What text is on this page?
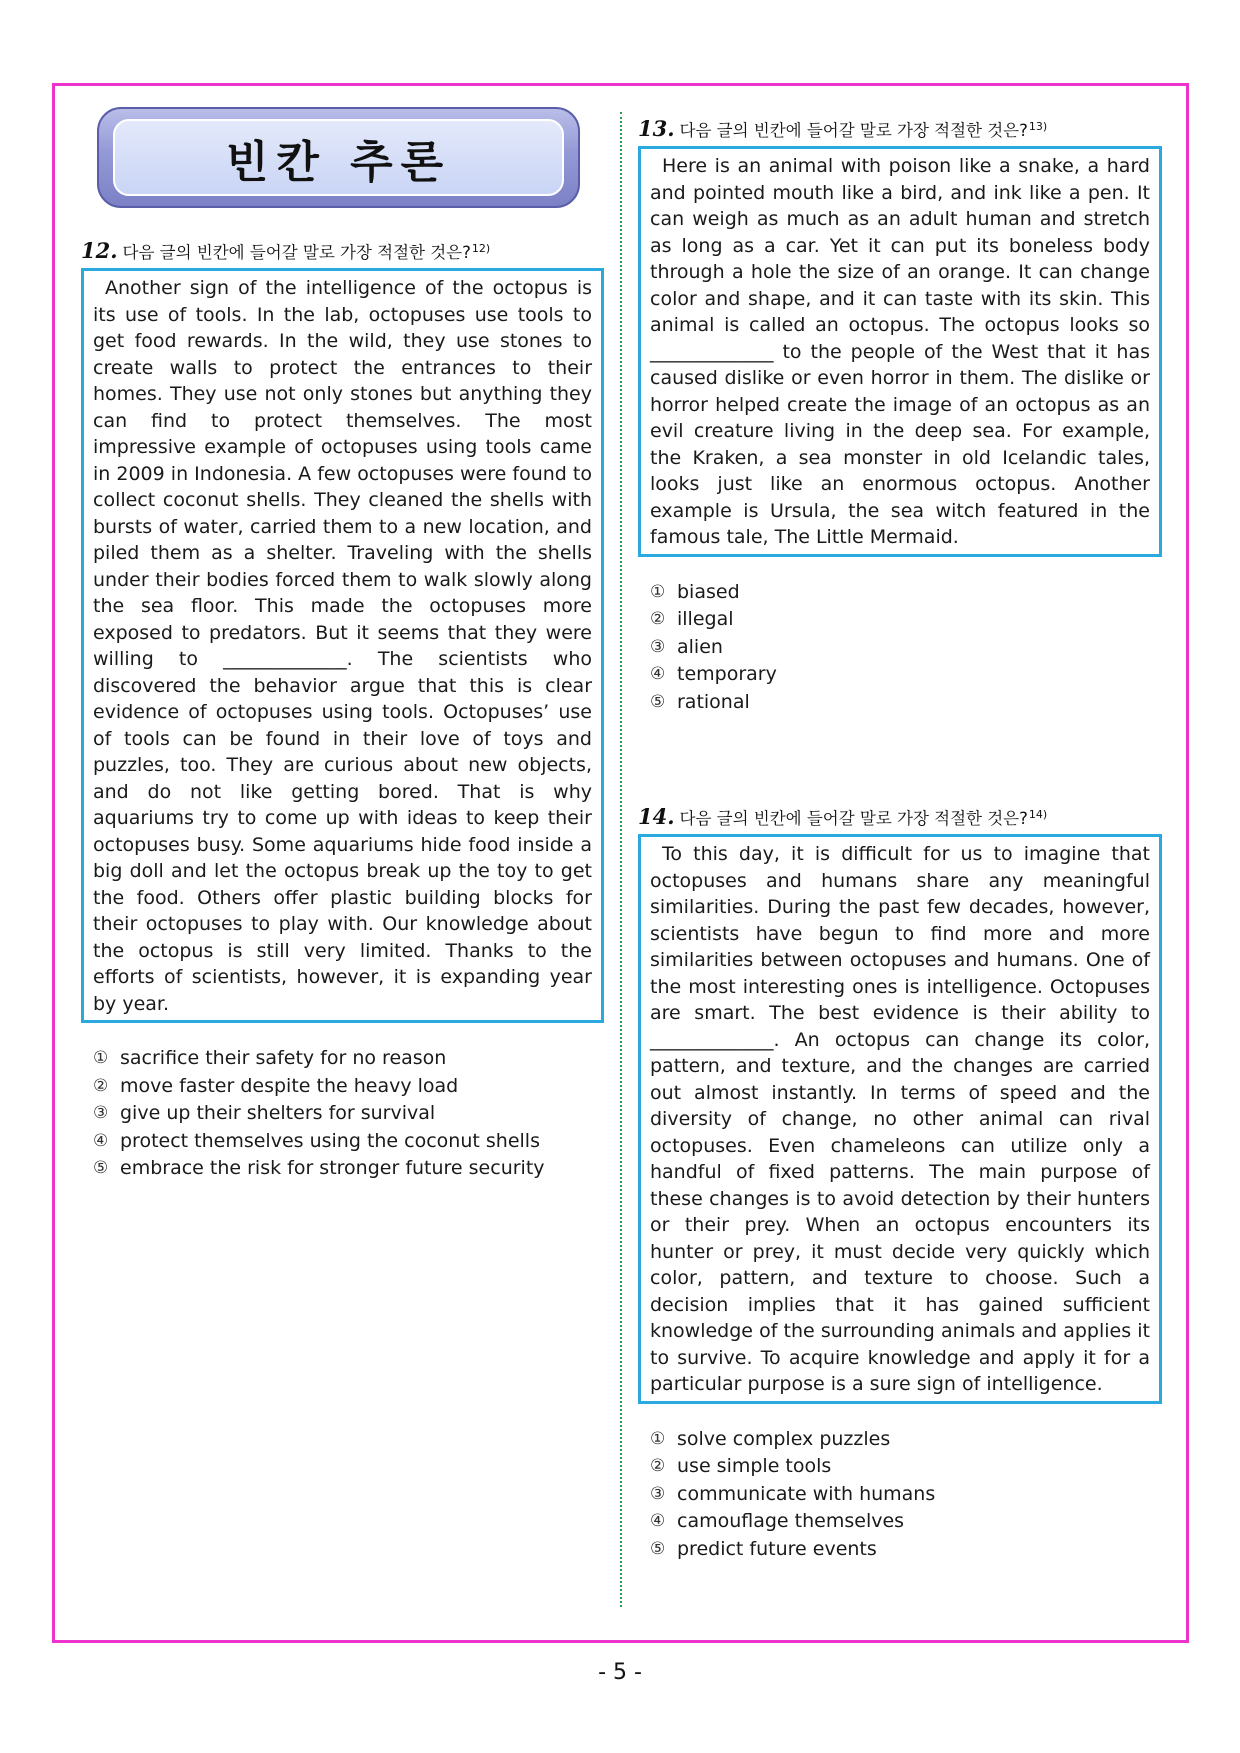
빈칸 추론
12. 다음 글의 빈칸에 들어갈 말로 가장 적절한 것은?$^{12)}$
Another sign of the intelligence of the octopus is its use of tools. In the lab, octopuses use tools to get food rewards. In the wild, they use stones to create walls to protect the entrances to their homes. They use not only stones but anything they can find to protect themselves. The most impressive example of octopuses using tools came in 2009 in Indonesia. A few octopuses were found to collect coconut shells. They cleaned the shells with bursts of water, carried them to a new location, and piled them as a shelter. Traveling with the shells under their bodies forced them to walk slowly along the sea floor. This made the octopuses more exposed to predators. But it seems that they were willing to _____________. The scientists who discovered the behavior argue that this is clear evidence of octopuses using tools. Octopuses’ use of tools can be found in their love of toys and puzzles, too. They are curious about new objects, and do not like getting bored. That is why aquariums try to come up with ideas to keep their octopuses busy. Some aquariums hide food inside a big doll and let the octopus break up the toy to get the food. Others offer plastic building blocks for their octopuses to play with. Our knowledge about the octopus is still very limited. Thanks to the efforts of scientists, however, it is expanding year by year.
① sacrifice their safety for no reason
② move faster despite the heavy load
③ give up their shelters for survival
④ protect themselves using the coconut shells
⑤ embrace the risk for stronger future security
13. 다음 글의 빈칸에 들어갈 말로 가장 적절한 것은?$^{13)}$
Here is an animal with poison like a snake, a hard and pointed mouth like a bird, and ink like a pen. It can weigh as much as an adult human and stretch as long as a car. Yet it can put its boneless body through a hole the size of an orange. It can change color and shape, and it can taste with its skin. This animal is called an octopus. The octopus looks so _____________ to the people of the West that it has caused dislike or even horror in them. The dislike or horror helped create the image of an octopus as an evil creature living in the deep sea. For example, the Kraken, a sea monster in old Icelandic tales, looks just like an enormous octopus. Another example is Ursula, the sea witch featured in the famous tale, The Little Mermaid.
① biased
② illegal
③ alien
④ temporary
⑤ rational
14. 다음 글의 빈칸에 들어갈 말로 가장 적절한 것은?$^{14)}$
To this day, it is difficult for us to imagine that octopuses and humans share any meaningful similarities. During the past few decades, however, scientists have begun to find more and more similarities between octopuses and humans. One of the most interesting ones is intelligence. Octopuses are smart. The best evidence is their ability to _____________. An octopus can change its color, pattern, and texture, and the changes are carried out almost instantly. In terms of speed and the diversity of change, no other animal can rival octopuses. Even chameleons can utilize only a handful of fixed patterns. The main purpose of these changes is to avoid detection by their hunters or their prey. When an octopus encounters its hunter or prey, it must decide very quickly which color, pattern, and texture to choose. Such a decision implies that it has gained sufficient knowledge of the surrounding animals and applies it to survive. To acquire knowledge and apply it for a particular purpose is a sure sign of intelligence.
① solve complex puzzles
② use simple tools
③ communicate with humans
④ camouflage themselves
⑤ predict future events
- 5 -
